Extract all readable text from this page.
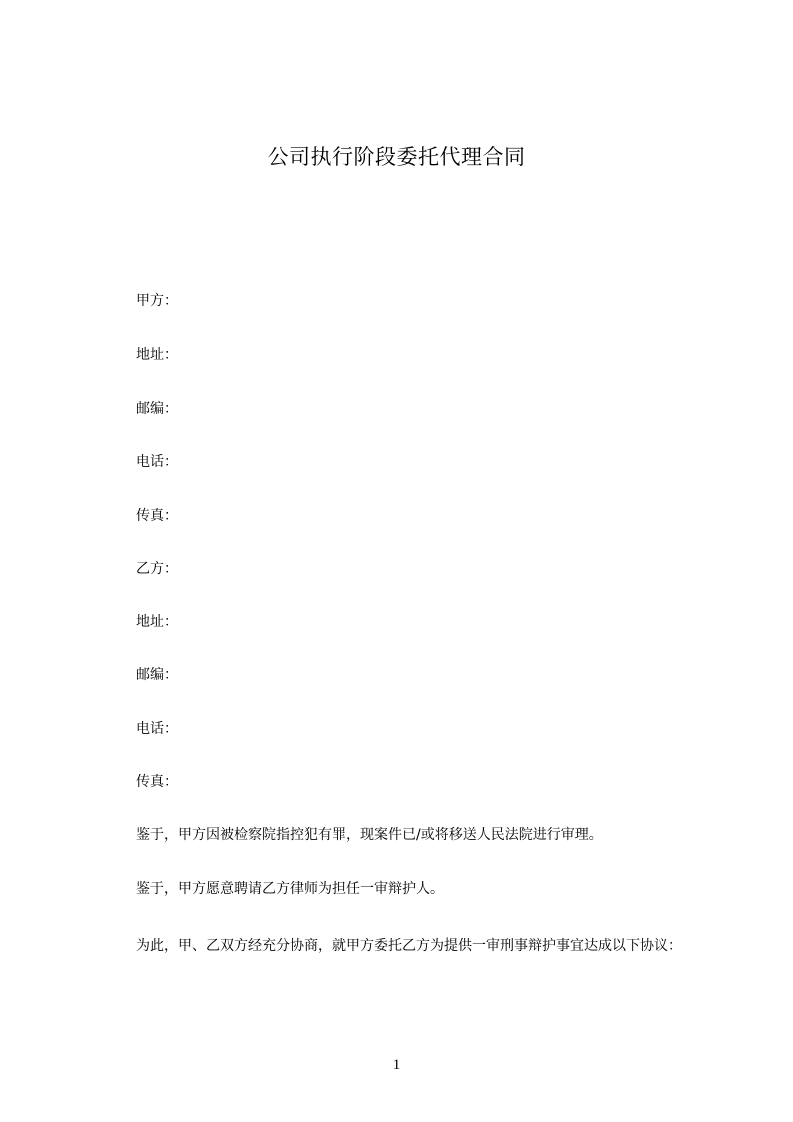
公司执行阶段委托代理合同
甲方：
地址：
邮编：
电话：
传真：
乙方：
地址：
邮编：
电话：
传真：
鉴于，甲方因被检察院指控犯有罪，现案件已/或将移送人民法院进行审理。
鉴于，甲方愿意聘请乙方律师为担任一审辩护人。
为此，甲、乙双方经充分协商，就甲方委托乙方为提供一审刑事辩护事宜达成以下协议：
1
